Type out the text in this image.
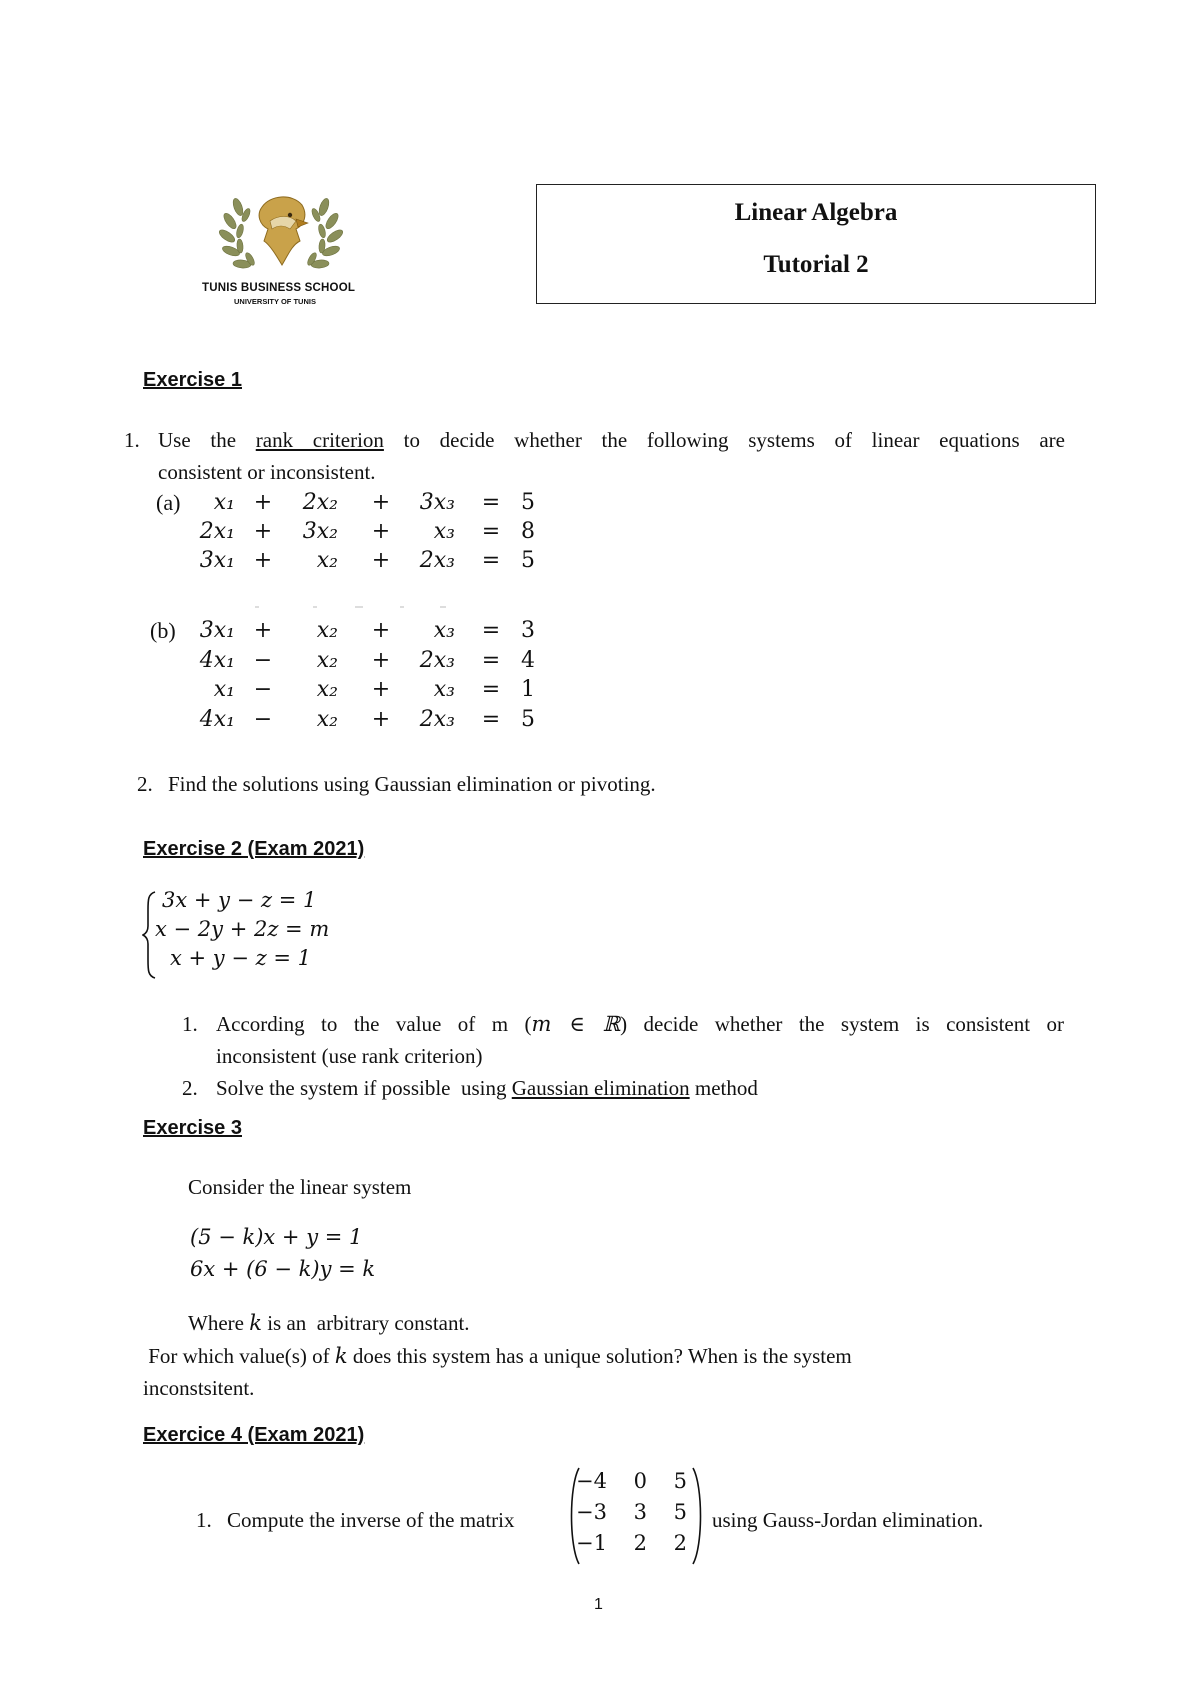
TUNIS BUSINESS SCHOOL
UNIVERSITY OF TUNIS
Linear Algebra
Tutorial 2
Exercise 1
1. Use the rank criterion to decide whether the following systems of linear equations are
consistent or inconsistent.
(a)	x₁ +	2x₂	+	3x₃	= 5
2x₁ +	3x₂	+	x₃	= 8
3x₁ +	x₂	+	2x₃	= 5
(b)	3x₁ +	x₂	+	x₃	= 3
4x₁ −	x₂	+	2x₃	= 4
x₁ −	x₂	+	x₃	= 1
4x₁ −	x₂	+	2x₃	= 5
2. Find the solutions using Gaussian elimination or pivoting.
Exercise 2 (Exam 2021)
3x + y − z = 1
x − 2y + 2z = m
x + y − z = 1
1. According to the value of m (m ∈ ℝ) decide whether the system is consistent or
inconsistent (use rank criterion)
2. Solve the system if possible  using Gaussian elimination method
Exercise 3
Consider the linear system
(5 − k)x + y = 1
6x + (6 − k)y = k
Where k is an  arbitrary constant.
For which value(s) of k does this system has a unique solution? When is the system
inconstsitent.
Exercice 4 (Exam 2021)
1. Compute the inverse of the matrix
−4	0	5
−3	3	5
−1	2	2
using Gauss-Jordan elimination.
1
